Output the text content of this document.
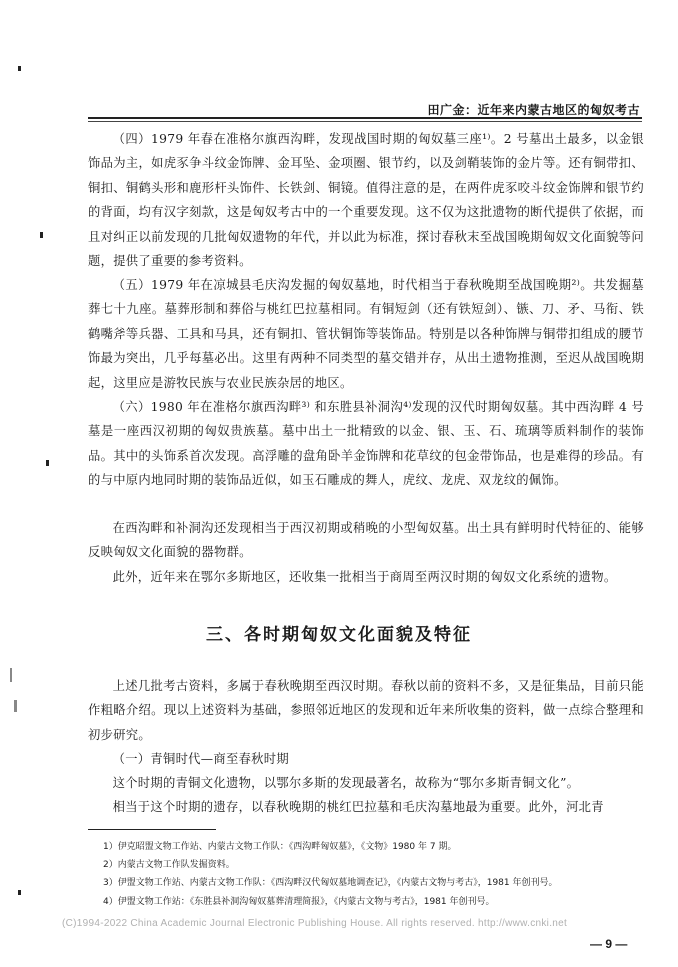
田广金：近年来内蒙古地区的匈奴考古

（四）1979 年春在准格尔旗西沟畔，发现战国时期的匈奴墓三座¹⁾。2 号墓出土最多，以金银饰品为主，如虎豕争斗纹金饰牌、金耳坠、金项圈、银节约，以及剑鞘装饰的金片等。还有铜带扣、铜扣、铜鹤头形和鹿形杆头饰件、长铁剑、铜镜。值得注意的是，在两件虎豕咬斗纹金饰牌和银节约的背面，均有汉字刻款，这是匈奴考古中的一个重要发现。这不仅为这批遗物的断代提供了依据，而且对纠正以前发现的几批匈奴遗物的年代，并以此为标准，探讨春秋末至战国晚期匈奴文化面貌等问题，提供了重要的参考资料。

（五）1979 年在凉城县毛庆沟发掘的匈奴墓地，时代相当于春秋晚期至战国晚期²⁾。共发掘墓葬七十九座。墓葬形制和葬俗与桃红巴拉墓相同。有铜短剑（还有铁短剑）、镞、刀、矛、马衔、铁鹤嘴斧等兵器、工具和马具，还有铜扣、管状铜饰等装饰品。特别是以各种饰牌与铜带扣组成的腰节饰最为突出，几乎每墓必出。这里有两种不同类型的墓交错并存，从出土遗物推测，至迟从战国晚期起，这里应是游牧民族与农业民族杂居的地区。

（六）1980 年在准格尔旗西沟畔³⁾ 和东胜县补洞沟⁴⁾发现的汉代时期匈奴墓。其中西沟畔 4 号墓是一座西汉初期的匈奴贵族墓。墓中出土一批精致的以金、银、玉、石、琉璃等质料制作的装饰品。其中的头饰系首次发现。高浮雕的盘角卧羊金饰牌和花草纹的包金带饰品，也是难得的珍品。有的与中原内地同时期的装饰品近似，如玉石雕成的舞人，虎纹、龙虎、双龙纹的佩饰。

在西沟畔和补洞沟还发现相当于西汉初期或稍晚的小型匈奴墓。出土具有鲜明时代特征的、能够反映匈奴文化面貌的器物群。

此外，近年来在鄂尔多斯地区，还收集一批相当于商周至两汉时期的匈奴文化系统的遗物。

三、各时期匈奴文化面貌及特征

上述几批考古资料，多属于春秋晚期至西汉时期。春秋以前的资料不多，又是征集品，目前只能作粗略介绍。现以上述资料为基础，参照邻近地区的发现和近年来所收集的资料，做一点综合整理和初步研究。

（一）青铜时代—商至春秋时期

这个时期的青铜文化遗物，以鄂尔多斯的发现最著名，故称为“鄂尔多斯青铜文化”。

相当于这个时期的遗存，以春秋晚期的桃红巴拉墓和毛庆沟墓地最为重要。此外，河北青

1）伊克昭盟文物工作站、内蒙古文物工作队：《西沟畔匈奴墓》，《文物》1980 年 7 期。

2）内蒙古文物工作队发掘资料。

3）伊盟文物工作站、内蒙古文物工作队：《西沟畔汉代匈奴墓地调查记》，《内蒙古文物与考古》，1981 年创刊号。

4）伊盟文物工作站：《东胜县补洞沟匈奴墓葬清理简报》，《内蒙古文物与考古》，1981 年创刊号。

(C)1994-2022 China Academic Journal Electronic Publishing House. All rights reserved. http://www.cnki.net
— 9 —
